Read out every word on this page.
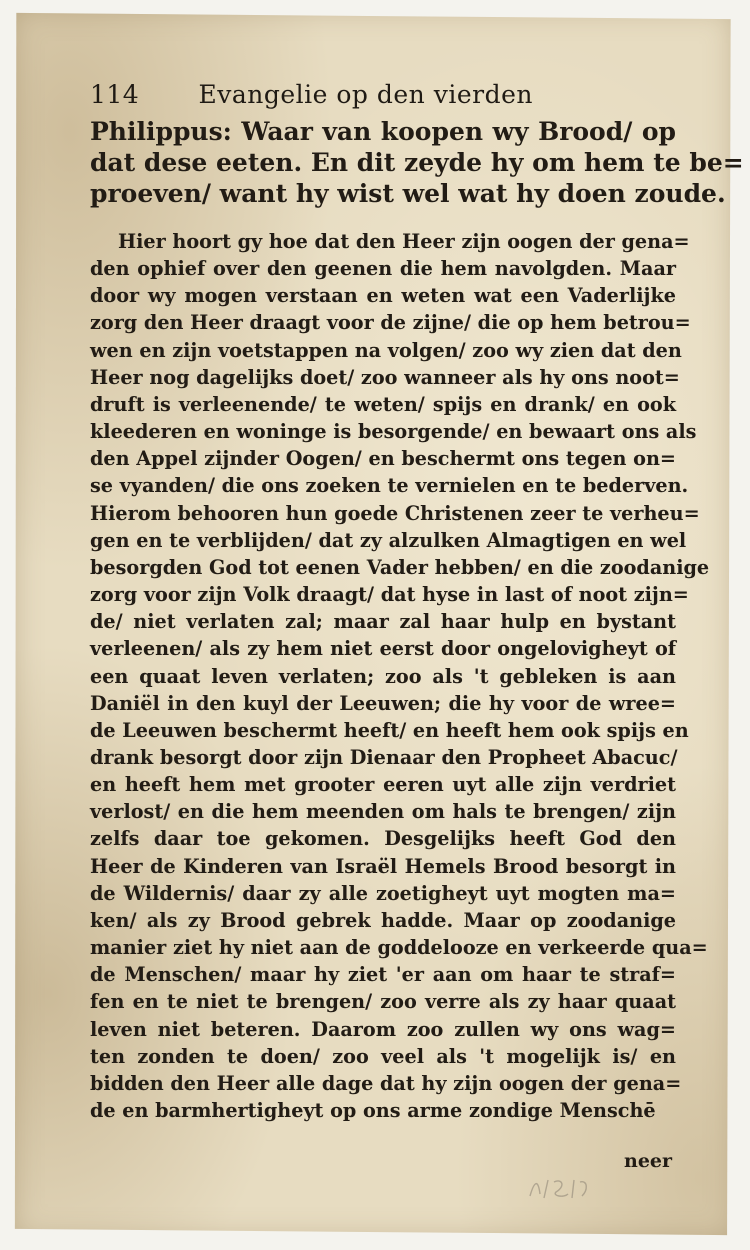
114 Evangelie op den vierden
Philippus: Waar van koopen wy Brood/ op
dat dese eeten. En dit zeyde hy om hem te be=
proeven/ want hy wist wel wat hy doen zoude.
Hier hoort gy hoe dat den Heer zijn oogen der gena=
den ophief over den geenen die hem navolgden. Maar
door wy mogen verstaan en weten wat een Vaderlijke
zorg den Heer draagt voor de zijne/ die op hem betrou=
wen en zijn voetstappen na volgen/ zoo wy zien dat den
Heer nog dagelijks doet/ zoo wanneer als hy ons noot=
druft is verleenende/ te weten/ spijs en drank/ en ook
kleederen en woninge is besorgende/ en bewaart ons als
den Appel zijnder Oogen/ en beschermt ons tegen on=
se vyanden/ die ons zoeken te vernielen en te bederven.
Hierom behooren hun goede Christenen zeer te verheu=
gen en te verblijden/ dat zy alzulken Almagtigen en wel
besorgden God tot eenen Vader hebben/ en die zoodanige
zorg voor zijn Volk draagt/ dat hyse in last of noot zijn=
de/ niet verlaten zal; maar zal haar hulp en bystant
verleenen/ als zy hem niet eerst door ongelovigheyt of
een quaat leven verlaten; zoo als 't gebleken is aan
Daniël in den kuyl der Leeuwen; die hy voor de wree=
de Leeuwen beschermt heeft/ en heeft hem ook spijs en
drank besorgt door zijn Dienaar den Propheet Abacuc/
en heeft hem met grooter eeren uyt alle zijn verdriet
verlost/ en die hem meenden om hals te brengen/ zijn
zelfs daar toe gekomen. Desgelijks heeft God den
Heer de Kinderen van Israël Hemels Brood besorgt in
de Wildernis/ daar zy alle zoetigheyt uyt mogten ma=
ken/ als zy Brood gebrek hadde. Maar op zoodanige
manier ziet hy niet aan de goddelooze en verkeerde qua=
de Menschen/ maar hy ziet 'er aan om haar te straf=
fen en te niet te brengen/ zoo verre als zy haar quaat
leven niet beteren. Daarom zoo zullen wy ons wag=
ten zonden te doen/ zoo veel als 't mogelijk is/ en
bidden den Heer alle dage dat hy zijn oogen der gena=
de en barmhertigheyt op ons arme zondige Menschē
neer
